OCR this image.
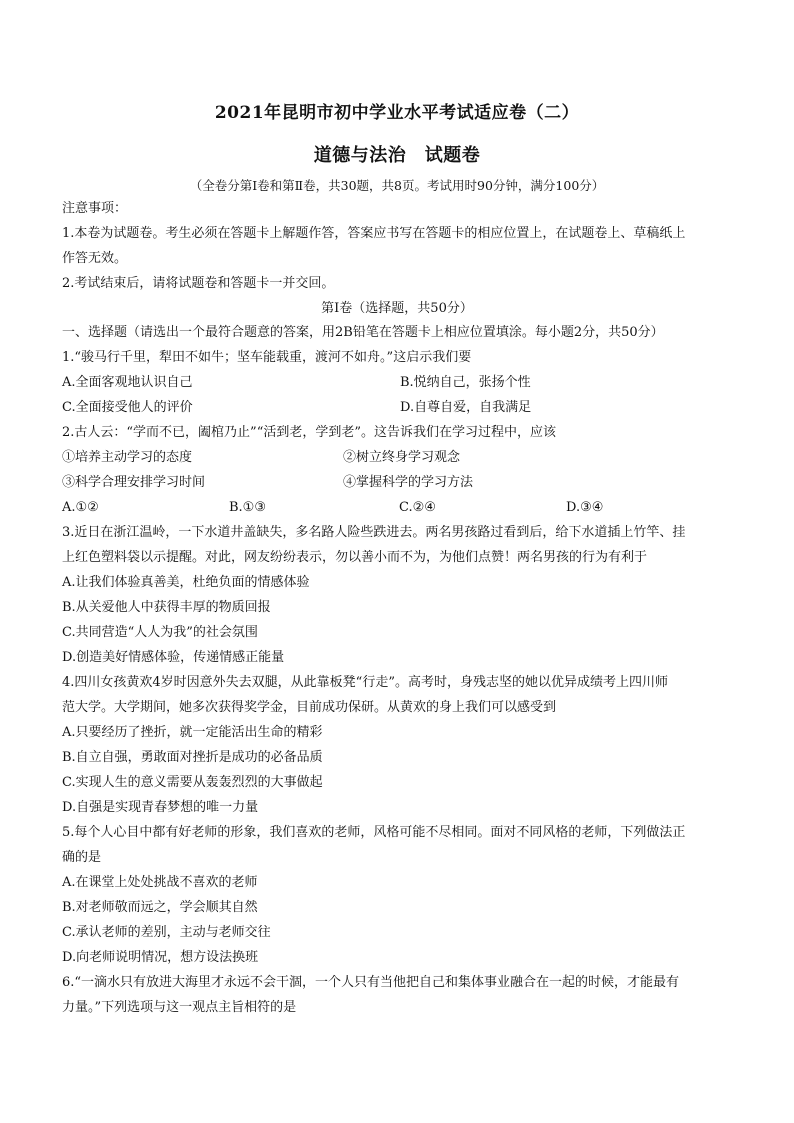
2021年昆明市初中学业水平考试适应卷（二）
道德与法治　试题卷
（全卷分第Ⅰ卷和第Ⅱ卷，共30题，共8页。考试用时90分钟，满分100分）
注意事项：
1.本卷为试题卷。考生必须在答题卡上解题作答，答案应书写在答题卡的相应位置上，在试题卷上、草稿纸上
作答无效。
2.考试结束后，请将试题卷和答题卡一并交回。
第Ⅰ卷（选择题，共50分）
一、选择题（请选出一个最符合题意的答案，用2B铅笔在答题卡上相应位置填涂。每小题2分，共50分）
1.“骏马行千里，犁田不如牛；坚车能载重，渡河不如舟。”这启示我们要
A.全面客观地认识自己	B.悦纳自己，张扬个性
C.全面接受他人的评价	D.自尊自爱，自我满足
2.古人云：“学而不已，阖棺乃止”“活到老，学到老”。这告诉我们在学习过程中，应该
①培养主动学习的态度	②树立终身学习观念
③科学合理安排学习时间	④掌握科学的学习方法
A.①②	B.①③	C.②④	D.③④
3.近日在浙江温岭，一下水道井盖缺失，多名路人险些跌进去。两名男孩路过看到后，给下水道插上竹竿、挂
上红色塑料袋以示提醒。对此，网友纷纷表示，勿以善小而不为，为他们点赞！两名男孩的行为有利于
A.让我们体验真善美，杜绝负面的情感体验
B.从关爱他人中获得丰厚的物质回报
C.共同营造“人人为我”的社会氛围
D.创造美好情感体验，传递情感正能量
4.四川女孩黄欢4岁时因意外失去双腿，从此靠板凳“行走”。高考时，身残志坚的她以优异成绩考上四川师
范大学。大学期间，她多次获得奖学金，目前成功保研。从黄欢的身上我们可以感受到
A.只要经历了挫折，就一定能活出生命的精彩
B.自立自强，勇敢面对挫折是成功的必备品质
C.实现人生的意义需要从轰轰烈烈的大事做起
D.自强是实现青春梦想的唯一力量
5.每个人心目中都有好老师的形象，我们喜欢的老师，风格可能不尽相同。面对不同风格的老师，下列做法正
确的是
A.在课堂上处处挑战不喜欢的老师
B.对老师敬而远之，学会顺其自然
C.承认老师的差别，主动与老师交往
D.向老师说明情况，想方设法换班
6.“一滴水只有放进大海里才永远不会干涸，一个人只有当他把自己和集体事业融合在一起的时候，才能最有
力量。”下列选项与这一观点主旨相符的是
